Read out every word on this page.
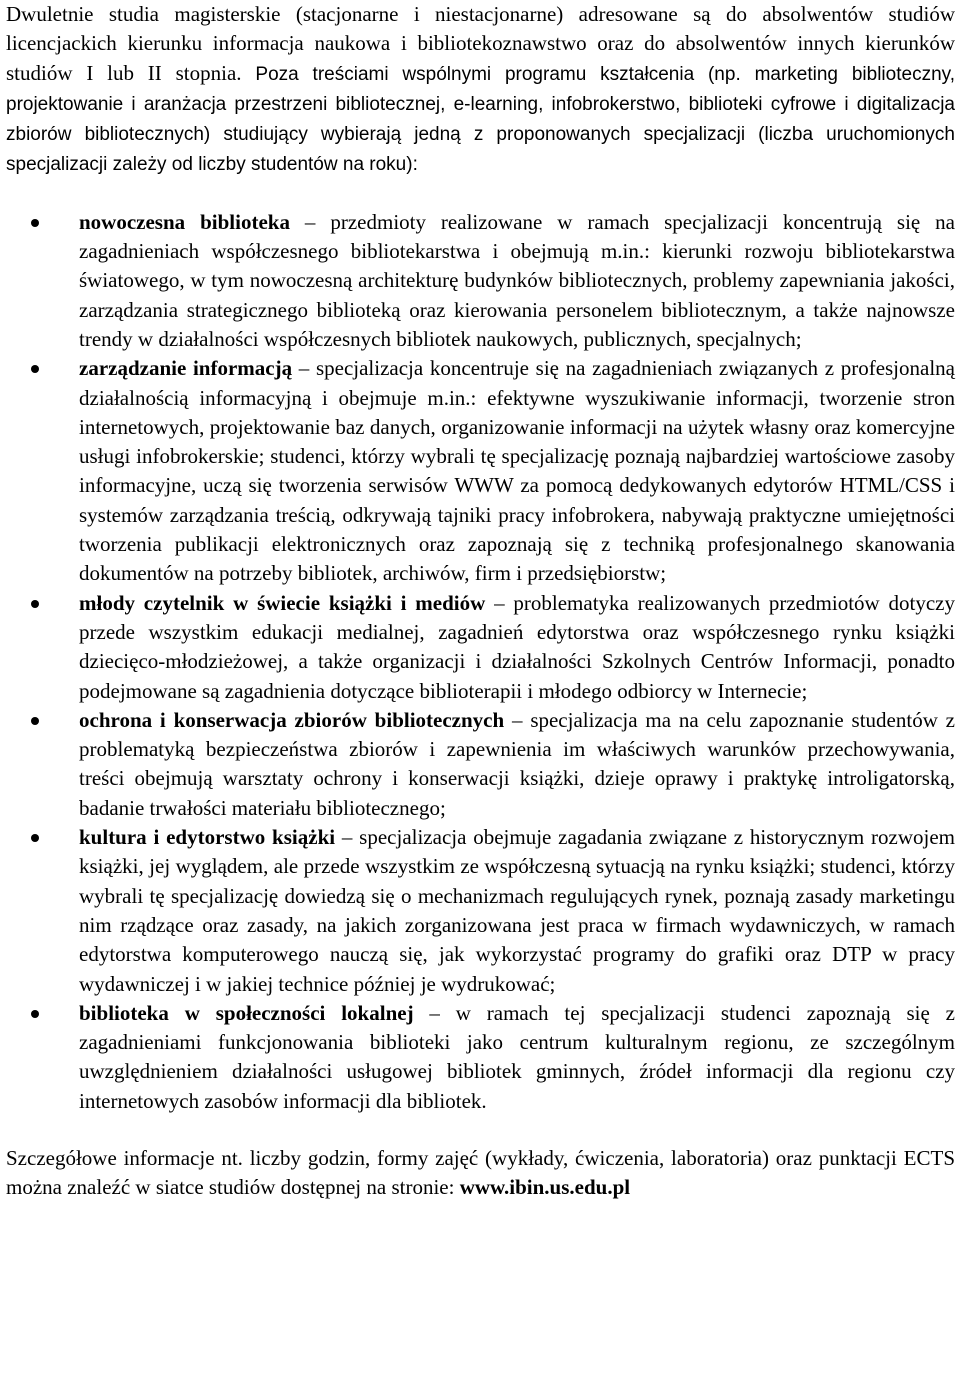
Dwuletnie studia magisterskie (stacjonarne i niestacjonarne) adresowane są do absolwentów studiów licencjackich kierunku informacja naukowa i bibliotekoznawstwo oraz do absolwentów innych kierunków studiów I lub II stopnia. Poza treściami wspólnymi programu kształcenia (np. marketing biblioteczny, projektowanie i aranżacja przestrzeni bibliotecznej, e-learning, infobrokerstwo, biblioteki cyfrowe i digitalizacja zbiorów bibliotecznych) studiujący wybierają jedną z proponowanych specjalizacji (liczba uruchomionych specjalizacji zależy od liczby studentów na roku):

nowoczesna biblioteka – przedmioty realizowane w ramach specjalizacji koncentrują się na zagadnieniach współczesnego bibliotekarstwa i obejmują m.in.: kierunki rozwoju bibliotekarstwa światowego, w tym nowoczesną architekturę budynków bibliotecznych, problemy zapewniania jakości, zarządzania strategicznego biblioteką oraz kierowania personelem bibliotecznym, a także najnowsze trendy w działalności współczesnych bibliotek naukowych, publicznych, specjalnych;
zarządzanie informacją – specjalizacja koncentruje się na zagadnieniach związanych z profesjonalną działalnością informacyjną i obejmuje m.in.: efektywne wyszukiwanie informacji, tworzenie stron internetowych, projektowanie baz danych, organizowanie informacji na użytek własny oraz komercyjne usługi infobrokerskie; studenci, którzy wybrali tę specjalizację poznają najbardziej wartościowe zasoby informacyjne, uczą się tworzenia serwisów WWW za pomocą dedykowanych edytorów HTML/CSS i systemów zarządzania treścią, odkrywają tajniki pracy infobrokera, nabywają praktyczne umiejętności tworzenia publikacji elektronicznych oraz zapoznają się z techniką profesjonalnego skanowania dokumentów na potrzeby bibliotek, archiwów, firm i przedsiębiorstw;
młody czytelnik w świecie książki i mediów – problematyka realizowanych przedmiotów dotyczy przede wszystkim edukacji medialnej, zagadnień edytorstwa oraz współczesnego rynku książki dziecięco-młodzieżowej, a także organizacji i działalności Szkolnych Centrów Informacji, ponadto podejmowane są zagadnienia dotyczące biblioterapii i młodego odbiorcy w Internecie;
ochrona i konserwacja zbiorów bibliotecznych – specjalizacja ma na celu zapoznanie studentów z problematyką bezpieczeństwa zbiorów i zapewnienia im właściwych warunków przechowywania, treści obejmują warsztaty ochrony i konserwacji książki, dzieje oprawy i praktykę introligatorską, badanie trwałości materiału bibliotecznego;
kultura i edytorstwo książki – specjalizacja obejmuje zagadania związane z historycznym rozwojem książki, jej wyglądem, ale przede wszystkim ze współczesną sytuacją na rynku książki; studenci, którzy wybrali tę specjalizację dowiedzą się o mechanizmach regulujących rynek, poznają zasady marketingu nim rządzące oraz zasady, na jakich zorganizowana jest praca w firmach wydawniczych, w ramach edytorstwa komputerowego nauczą się, jak wykorzystać programy do grafiki oraz DTP w pracy wydawniczej i w jakiej technice później je wydrukować;
biblioteka w społeczności lokalnej – w ramach tej specjalizacji studenci zapoznają się z zagadnieniami funkcjonowania biblioteki jako centrum kulturalnym regionu, ze szczególnym uwzględnieniem działalności usługowej bibliotek gminnych, źródeł informacji dla regionu czy internetowych zasobów informacji dla bibliotek.

Szczegółowe informacje nt. liczby godzin, formy zajęć (wykłady, ćwiczenia, laboratoria) oraz punktacji ECTS można znaleźć w siatce studiów dostępnej na stronie: www.ibin.us.edu.pl
